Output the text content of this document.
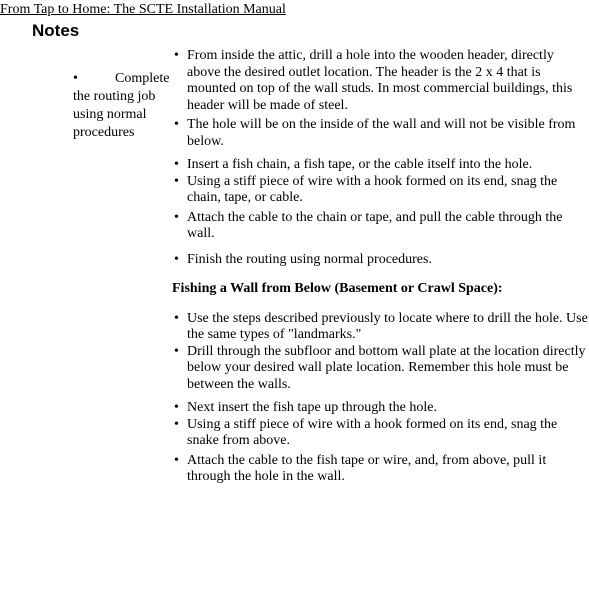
From Tap to Home: The SCTE Installation Manual
Notes
•	Complete the routing job using normal procedures
• From inside the attic, drill a hole into the wooden header, directly above the desired outlet location. The header is the 2 x 4 that is mounted on top of the wall studs. In most commercial buildings, this header will be made of steel.
• The hole will be on the inside of the wall and will not be visible from below.
• Insert a fish chain, a fish tape, or the cable itself into the hole.
• Using a stiff piece of wire with a hook formed on its end, snag the chain, tape, or cable.
• Attach the cable to the chain or tape, and pull the cable through the wall.
• Finish the routing using normal procedures.
Fishing a Wall from Below (Basement or Crawl Space):
• Use the steps described previously to locate where to drill the hole. Use the same types of "landmarks."
• Drill through the subfloor and bottom wall plate at the location directly below your desired wall plate location. Remember this hole must be between the walls.
• Next insert the fish tape up through the hole.
• Using a stiff piece of wire with a hook formed on its end, snag the snake from above.
• Attach the cable to the fish tape or wire, and, from above, pull it through the hole in the wall.
